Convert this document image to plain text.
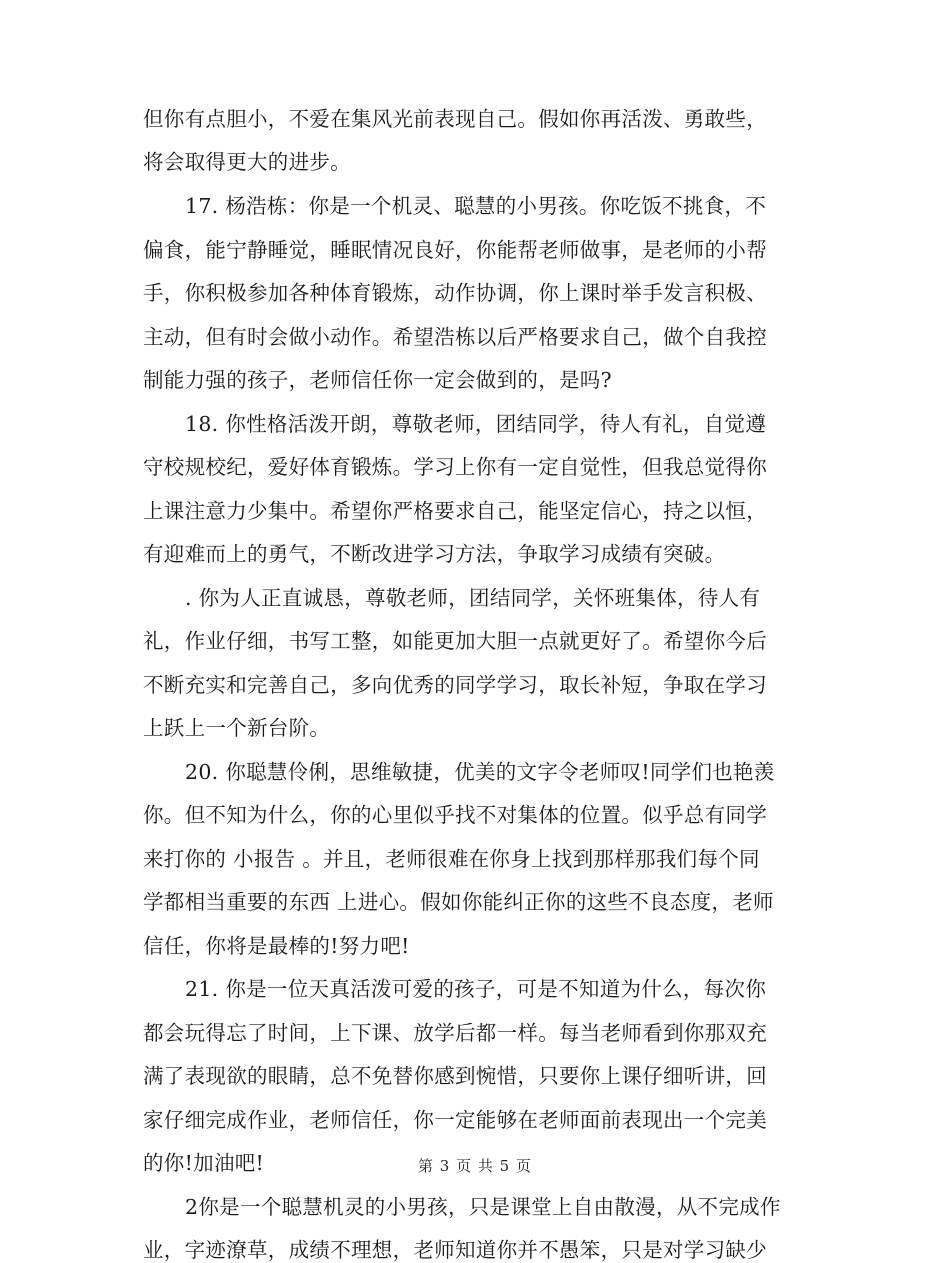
但你有点胆小，不爱在集风光前表现自己。假如你再活泼、勇敢些，
将会取得更大的进步。
17. 杨浩栋：你是一个机灵、聪慧的小男孩。你吃饭不挑食，不
偏食，能宁静睡觉，睡眠情况良好，你能帮老师做事，是老师的小帮
手，你积极参加各种体育锻炼，动作协调，你上课时举手发言积极、
主动，但有时会做小动作。希望浩栋以后严格要求自己，做个自我控
制能力强的孩子，老师信任你一定会做到的，是吗?
18. 你性格活泼开朗，尊敬老师，团结同学，待人有礼，自觉遵
守校规校纪，爱好体育锻炼。学习上你有一定自觉性，但我总觉得你
上课注意力少集中。希望你严格要求自己，能坚定信心，持之以恒，
有迎难而上的勇气，不断改进学习方法，争取学习成绩有突破。
. 你为人正直诚恳，尊敬老师，团结同学，关怀班集体，待人有
礼，作业仔细，书写工整，如能更加大胆一点就更好了。希望你今后
不断充实和完善自己，多向优秀的同学学习，取长补短，争取在学习
上跃上一个新台阶。
20. 你聪慧伶俐，思维敏捷，优美的文字令老师叹!同学们也艳羡
你。但不知为什么，你的心里似乎找不对集体的位置。似乎总有同学
来打你的 小报告 。并且，老师很难在你身上找到那样那我们每个同
学都相当重要的东西 上进心。假如你能纠正你的这些不良态度，老师
信任，你将是最棒的!努力吧!
21. 你是一位天真活泼可爱的孩子，可是不知道为什么，每次你
都会玩得忘了时间，上下课、放学后都一样。每当老师看到你那双充
满了表现欲的眼睛，总不免替你感到惋惜，只要你上课仔细听讲，回
家仔细完成作业，老师信任，你一定能够在老师面前表现出一个完美
的你!加油吧!
2你是一个聪慧机灵的小男孩，只是课堂上自由散漫，从不完成作
业，字迹潦草，成绩不理想，老师知道你并不愚笨，只是对学习缺少
第 3 页 共 5 页
